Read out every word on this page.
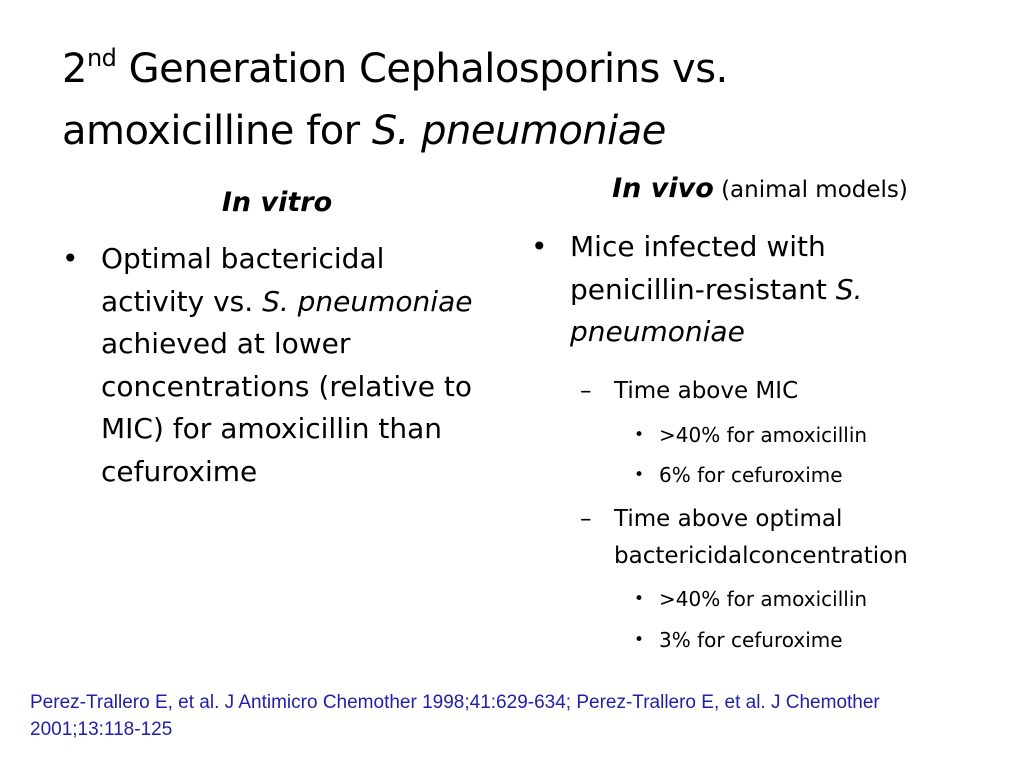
2nd Generation Cephalosporins vs.
amoxicilline for S. pneumoniae
In vitro
• Optimal bactericidal activity vs. S. pneumoniae achieved at lower concentrations (relative to MIC) for amoxicillin than cefuroxime
In vivo (animal models)
• Mice infected with penicillin-resistant S. pneumoniae
– Time above MIC
• >40% for amoxicillin
• 6% for cefuroxime
– Time above optimal bactericidalconcentration
• >40% for amoxicillin
• 3% for cefuroxime
Perez-Trallero E, et al. J Antimicro Chemother 1998;41:629-634; Perez-Trallero E, et al. J Chemother 2001;13:118-125
